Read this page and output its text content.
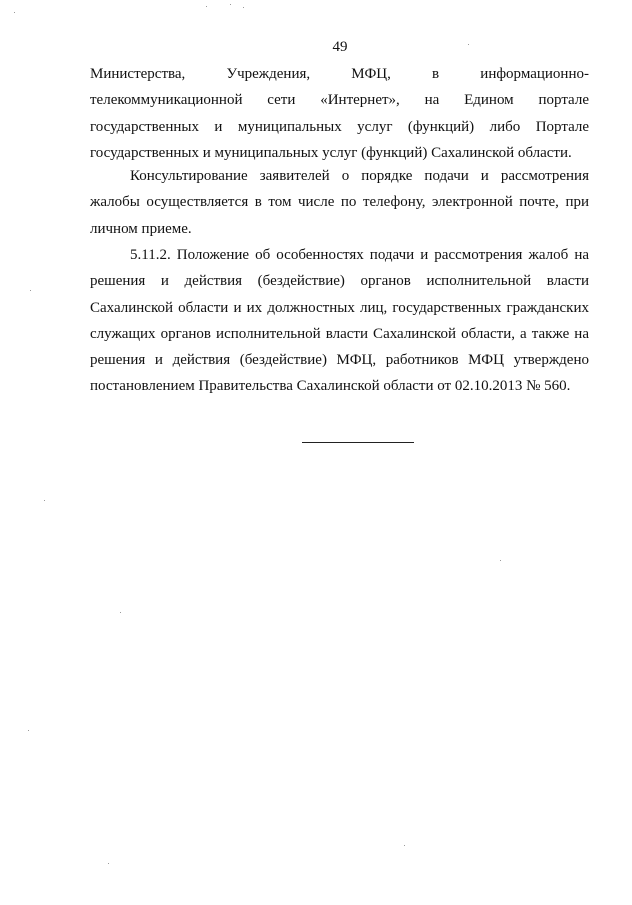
49
Министерства, Учреждения, МФЦ, в информационно-

телекоммуникационной сети «Интернет», на Едином портале государственных и муниципальных услуг (функций) либо Портале государственных и муниципальных услуг (функций) Сахалинской области.

Консультирование заявителей о порядке подачи и рассмотрения жалобы осуществляется в том числе по телефону, электронной почте, при личном приеме.

5.11.2. Положение об особенностях подачи и рассмотрения жалоб на решения и действия (бездействие) органов исполнительной власти Сахалинской области и их должностных лиц, государственных гражданских служащих органов исполнительной власти Сахалинской области, а также на решения и действия (бездействие) МФЦ, работников МФЦ утверждено постановлением Правительства Сахалинской области от 02.10.2013 № 560.
